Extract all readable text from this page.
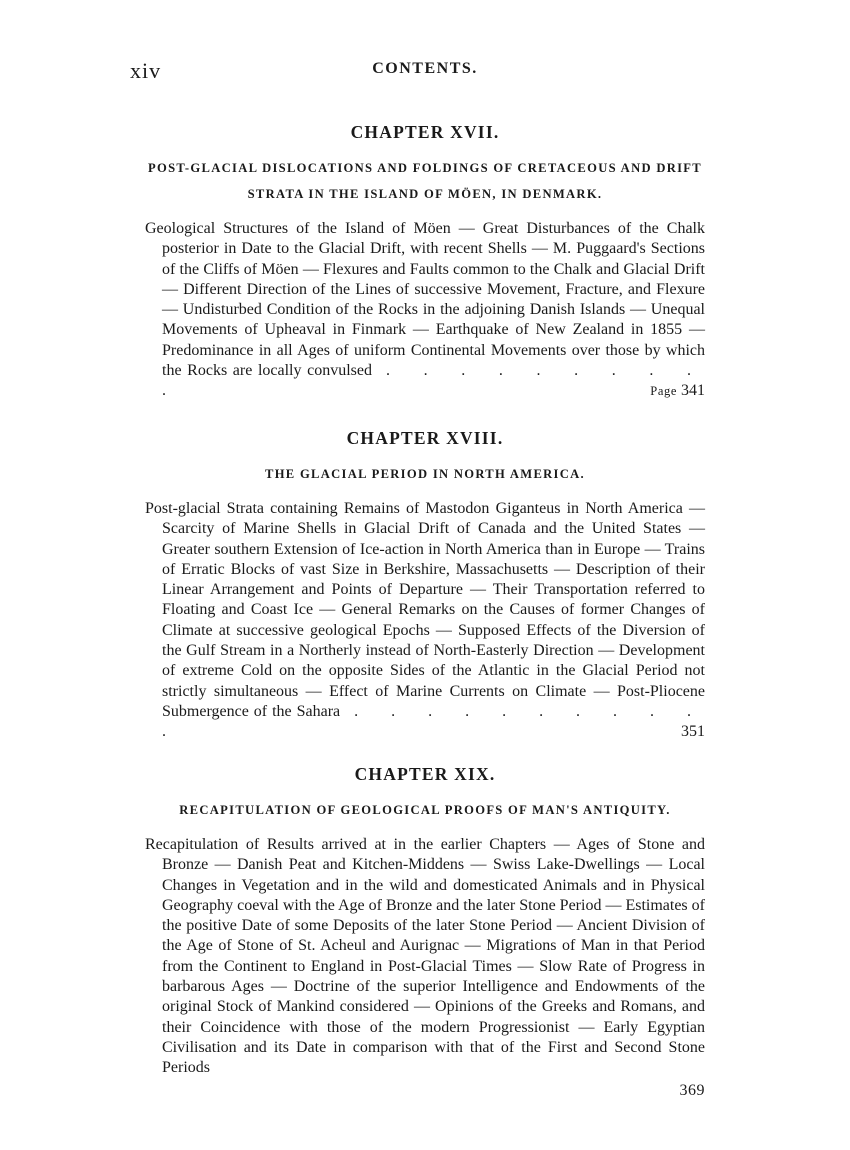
xiv	CONTENTS.
CHAPTER XVII.

POST-GLACIAL DISLOCATIONS AND FOLDINGS OF CRETACEOUS AND DRIFT STRATA IN THE ISLAND OF MÖEN, IN DENMARK.

Geological Structures of the Island of Möen — Great Disturbances of the Chalk posterior in Date to the Glacial Drift, with recent Shells — M. Puggaard's Sections of the Cliffs of Möen — Flexures and Faults common to the Chalk and Glacial Drift — Different Direction of the Lines of successive Movement, Fracture, and Flexure — Undisturbed Condition of the Rocks in the adjoining Danish Islands — Unequal Movements of Upheaval in Finmark — Earthquake of New Zealand in 1855 — Predominance in all Ages of uniform Continental Movements over those by which the Rocks are locally convulsed . . . . . . . . . .	Page 341

CHAPTER XVIII.

THE GLACIAL PERIOD IN NORTH AMERICA.

Post-glacial Strata containing Remains of Mastodon Giganteus in North America — Scarcity of Marine Shells in Glacial Drift of Canada and the United States — Greater southern Extension of Ice-action in North America than in Europe — Trains of Erratic Blocks of vast Size in Berkshire, Massachusetts — Description of their Linear Arrangement and Points of Departure — Their Transportation referred to Floating and Coast Ice — General Remarks on the Causes of former Changes of Climate at successive geological Epochs — Supposed Effects of the Diversion of the Gulf Stream in a Northerly instead of North-Easterly Direction — Development of extreme Cold on the opposite Sides of the Atlantic in the Glacial Period not strictly simultaneous — Effect of Marine Currents on Climate — Post-Pliocene Submergence of the Sahara . . . . . . . . . . .	351

CHAPTER XIX.

RECAPITULATION OF GEOLOGICAL PROOFS OF MAN'S ANTIQUITY.

Recapitulation of Results arrived at in the earlier Chapters — Ages of Stone and Bronze — Danish Peat and Kitchen-Middens — Swiss Lake-Dwellings — Local Changes in Vegetation and in the wild and domesticated Animals and in Physical Geography coeval with the Age of Bronze and the later Stone Period — Estimates of the positive Date of some Deposits of the later Stone Period — Ancient Division of the Age of Stone of St. Acheul and Aurignac — Migrations of Man in that Period from the Continent to England in Post-Glacial Times — Slow Rate of Progress in barbarous Ages — Doctrine of the superior Intelligence and Endowments of the original Stock of Mankind considered — Opinions of the Greeks and Romans, and their Coincidence with those of the modern Progressionist — Early Egyptian Civilisation and its Date in comparison with that of the First and Second Stone Periods

369
